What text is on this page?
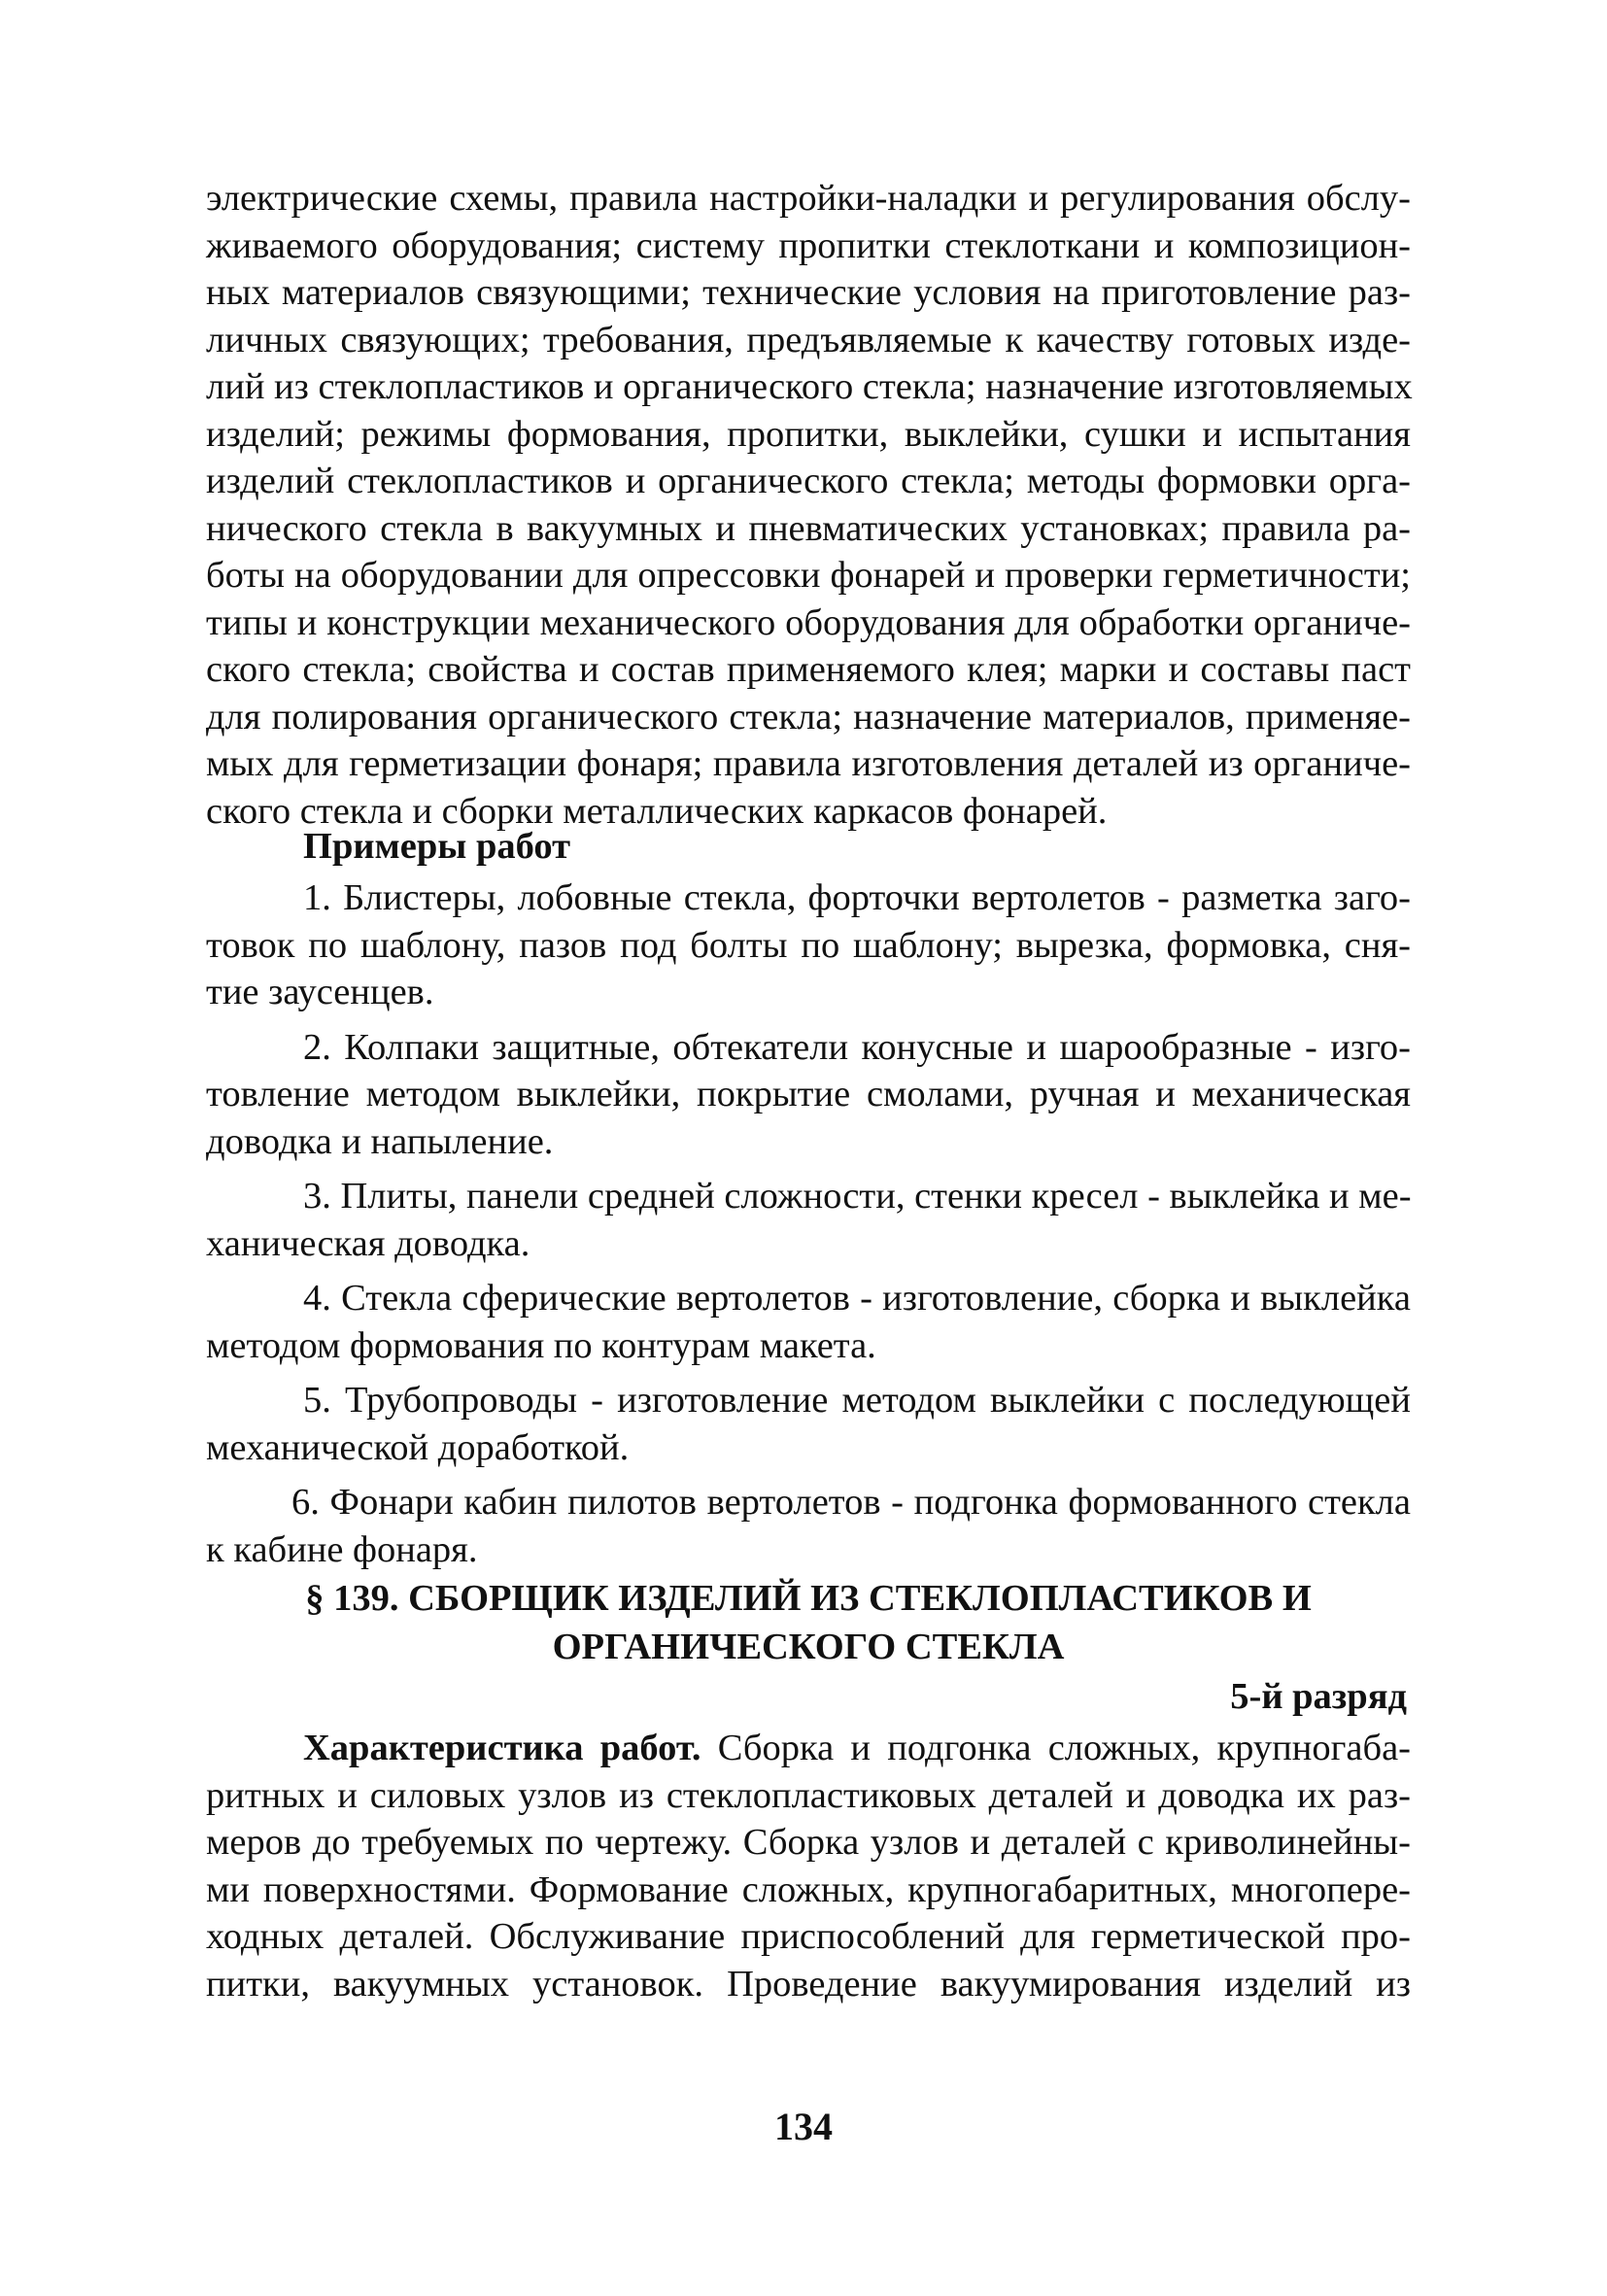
электрические схемы, правила настройки-наладки и регулирования обслу-
живаемого оборудования; систему пропитки стеклоткани и композицион-
ных материалов связующими; технические условия на приготовление раз-
личных связующих; требования, предъявляемые к качеству готовых изде-
лий из стеклопластиков и органического стекла; назначение изготовляемых
изделий; режимы формования, пропитки, выклейки, сушки и испытания
изделий стеклопластиков и органического стекла; методы формовки орга-
нического стекла в вакуумных и пневматических установках; правила ра-
боты на оборудовании для опрессовки фонарей и проверки герметичности;
типы и конструкции механического оборудования для обработки органиче-
ского стекла; свойства и состав применяемого клея; марки и составы паст
для полирования органического стекла; назначение материалов, применяе-
мых для герметизации фонаря; правила изготовления деталей из органиче-
ского стекла и сборки металлических каркасов фонарей.

Примеры работ

1. Блистеры, лобовные стекла, форточки вертолетов - разметка заго-
товок по шаблону, пазов под болты по шаблону; вырезка, формовка, сня-
тие заусенцев.

2. Колпаки защитные, обтекатели конусные и шарообразные - изго-
товление методом выклейки, покрытие смолами, ручная и механическая
доводка и напыление.

3. Плиты, панели средней сложности, стенки кресел - выклейка и ме-
ханическая доводка.

4. Стекла сферические вертолетов - изготовление, сборка и выклейка
методом формования по контурам макета.

5. Трубопроводы - изготовление методом выклейки с последующей
механической доработкой.

6. Фонари кабин пилотов вертолетов - подгонка формованного стекла
к кабине фонаря.

§ 139. СБОРЩИК ИЗДЕЛИЙ ИЗ СТЕКЛОПЛАСТИКОВ И
ОРГАНИЧЕСКОГО СТЕКЛА
5-й разряд

Характеристика работ. Сборка и подгонка сложных, крупногаба-
ритных и силовых узлов из стеклопластиковых деталей и доводка их раз-
меров до требуемых по чертежу. Сборка узлов и деталей с криволинейны-
ми поверхностями. Формование сложных, крупногабаритных, многопере-
ходных деталей. Обслуживание приспособлений для герметической про-
питки, вакуумных установок. Проведение вакуумирования изделий из

134
